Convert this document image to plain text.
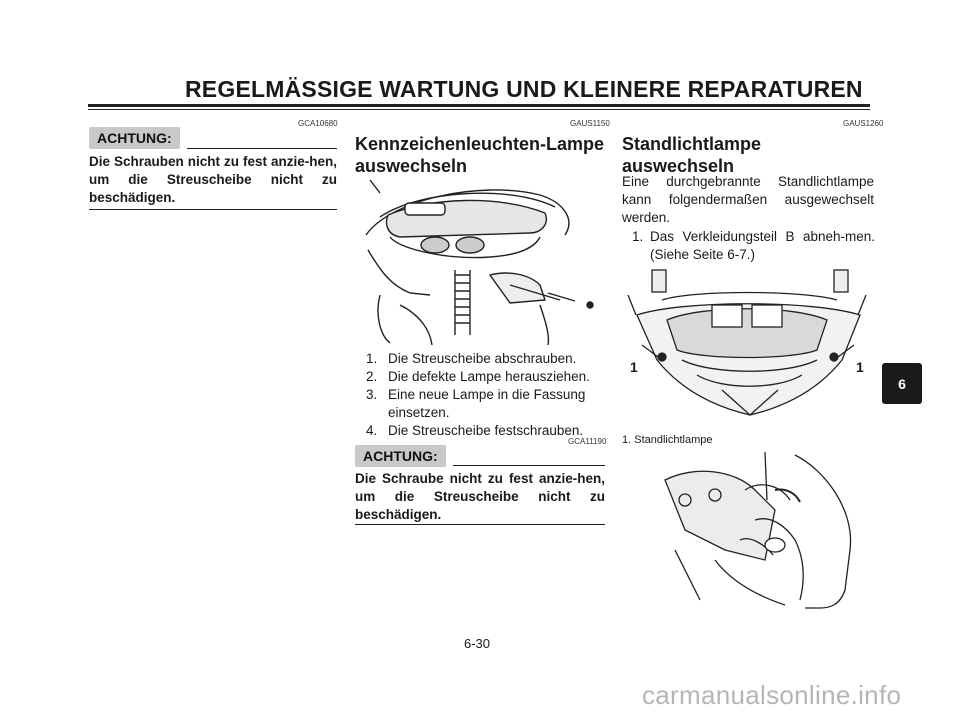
REGELMÄSSIGE WARTUNG UND KLEINERE REPARATUREN
GCA10680
ACHTUNG:
Die Schrauben nicht zu fest anzie-hen, um die Streuscheibe nicht zu beschädigen.
GAUS1150
Kennzeichenleuchten-Lampe auswechseln
1. Die Streuscheibe abschrauben.
2. Die defekte Lampe herausziehen.
3. Eine neue Lampe in die Fassung einsetzen.
4. Die Streuscheibe festschrauben.
GCA11190
ACHTUNG:
Die Schraube nicht zu fest anzie-hen, um die Streuscheibe nicht zu beschädigen.
GAUS1260
Standlichtlampe auswechseln
Eine durchgebrannte Standlichtlampe kann folgendermaßen ausgewechselt werden.
1. Das Verkleidungsteil B abneh-men. (Siehe Seite 6-7.)
1	1
1. Standlichtlampe
6
6-30
carmanualsonline.info
